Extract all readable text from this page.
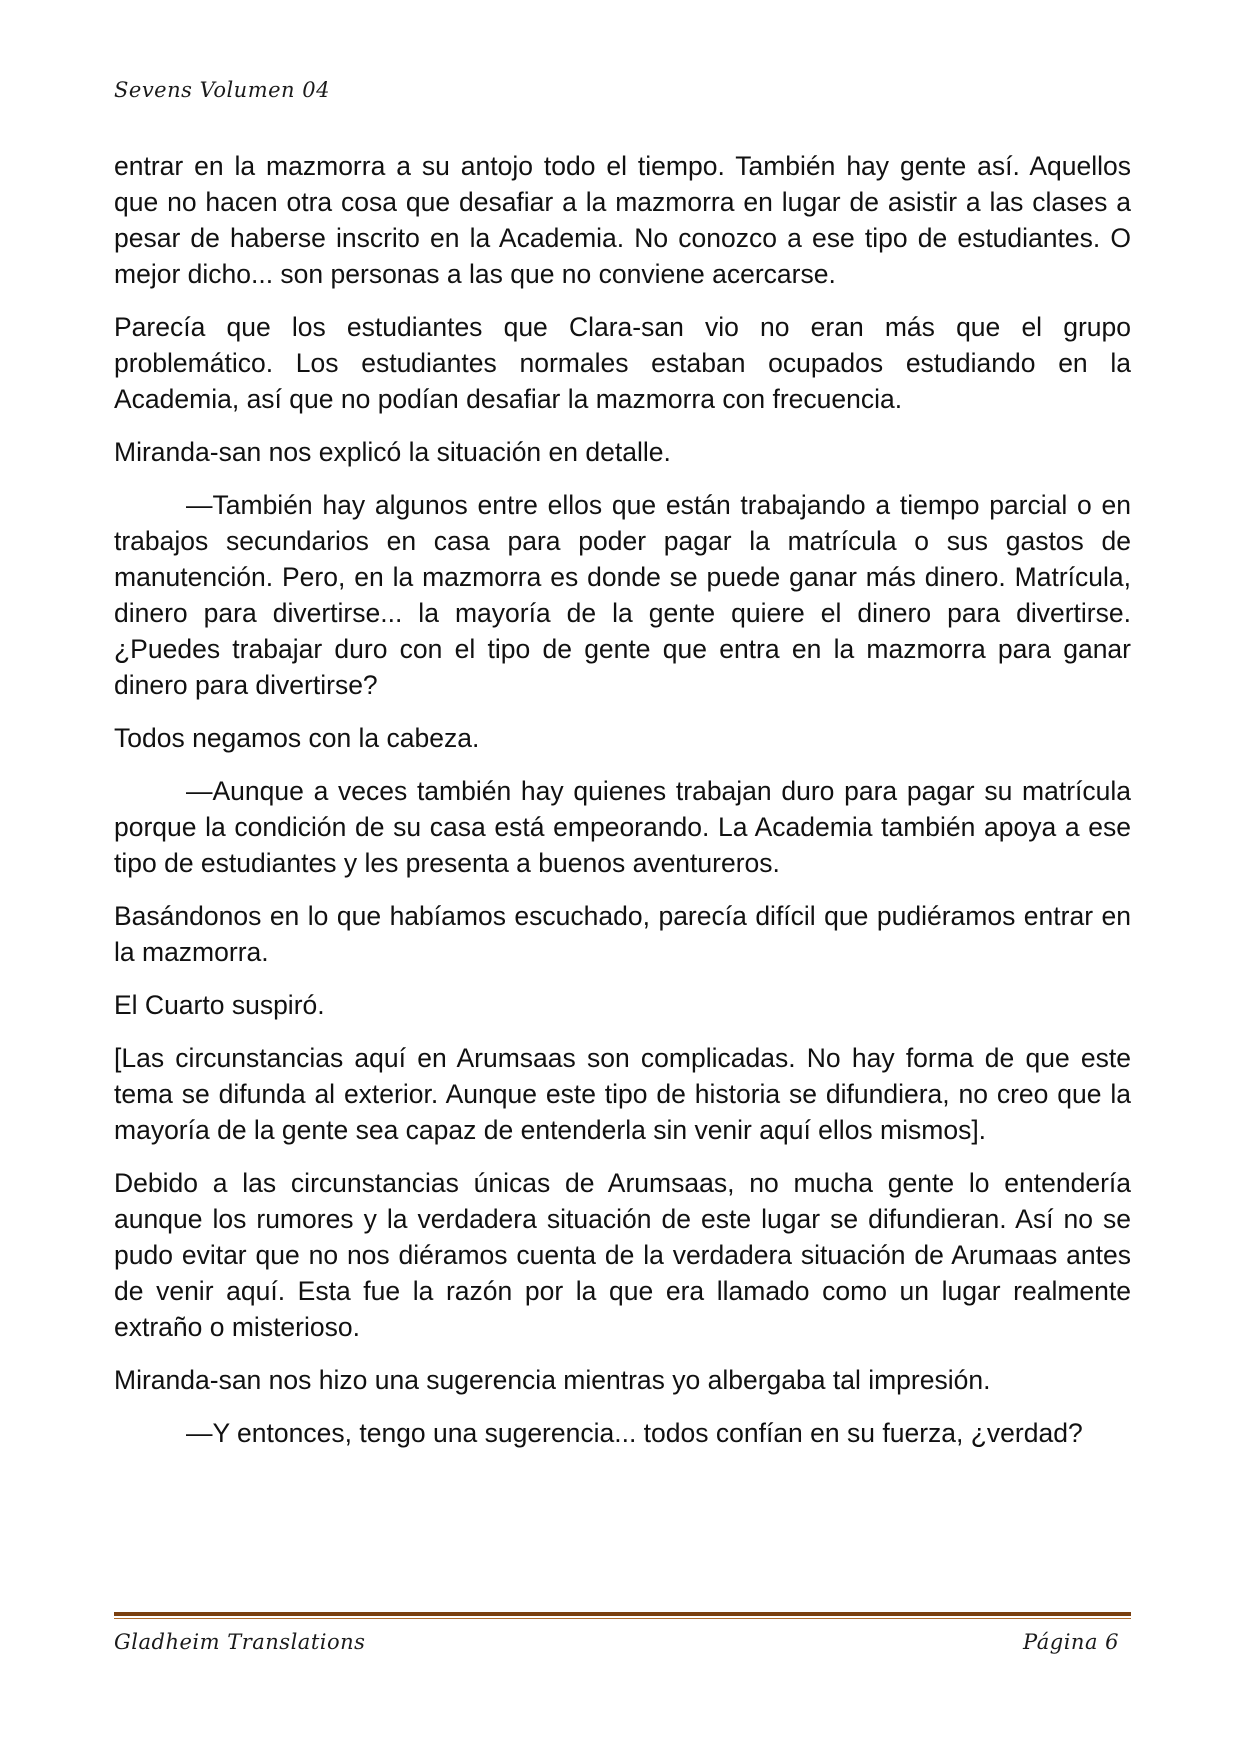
Sevens Volumen 04

entrar en la mazmorra a su antojo todo el tiempo. También hay gente así. Aquellos que no hacen otra cosa que desafiar a la mazmorra en lugar de asistir a las clases a pesar de haberse inscrito en la Academia. No conozco a ese tipo de estudiantes. O mejor dicho... son personas a las que no conviene acercarse.

Parecía que los estudiantes que Clara-san vio no eran más que el grupo problemático. Los estudiantes normales estaban ocupados estudiando en la Academia, así que no podían desafiar la mazmorra con frecuencia.

Miranda-san nos explicó la situación en detalle.

—También hay algunos entre ellos que están trabajando a tiempo parcial o en trabajos secundarios en casa para poder pagar la matrícula o sus gastos de manutención. Pero, en la mazmorra es donde se puede ganar más dinero. Matrícula, dinero para divertirse... la mayoría de la gente quiere el dinero para divertirse. ¿Puedes trabajar duro con el tipo de gente que entra en la mazmorra para ganar dinero para divertirse?

Todos negamos con la cabeza.

—Aunque a veces también hay quienes trabajan duro para pagar su matrícula porque la condición de su casa está empeorando. La Academia también apoya a ese tipo de estudiantes y les presenta a buenos aventureros.

Basándonos en lo que habíamos escuchado, parecía difícil que pudiéramos entrar en la mazmorra.

El Cuarto suspiró.

[Las circunstancias aquí en Arumsaas son complicadas. No hay forma de que este tema se difunda al exterior. Aunque este tipo de historia se difundiera, no creo que la mayoría de la gente sea capaz de entenderla sin venir aquí ellos mismos].

Debido a las circunstancias únicas de Arumsaas, no mucha gente lo entendería aunque los rumores y la verdadera situación de este lugar se difundieran. Así no se pudo evitar que no nos diéramos cuenta de la verdadera situación de Arumaas antes de venir aquí. Esta fue la razón por la que era llamado como un lugar realmente extraño o misterioso.

Miranda-san nos hizo una sugerencia mientras yo albergaba tal impresión.

—Y entonces, tengo una sugerencia... todos confían en su fuerza, ¿verdad?

Gladheim Translations	Página 6
